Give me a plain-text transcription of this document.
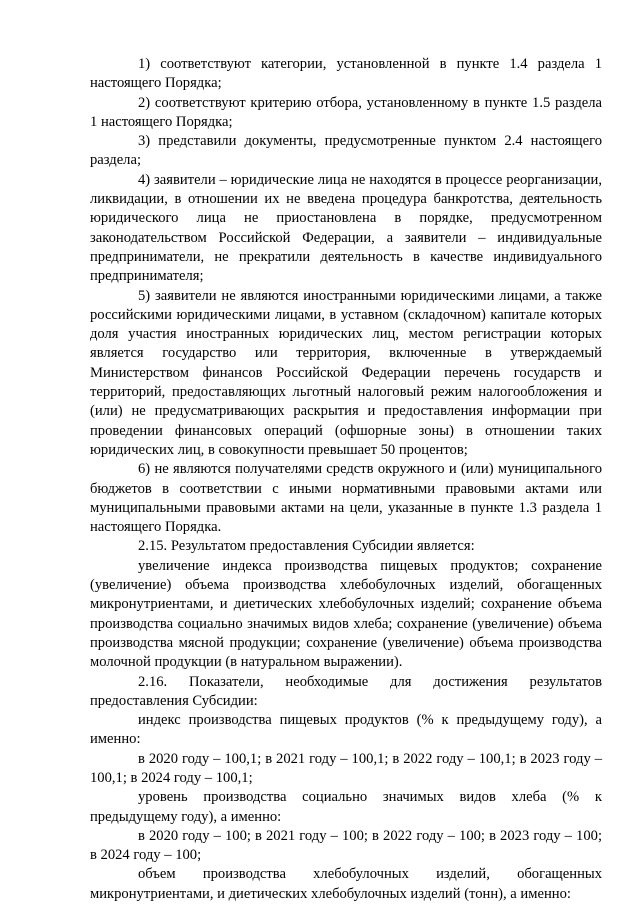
1) соответствуют категории, установленной в пункте 1.4 раздела 1 настоящего Порядка;

2) соответствуют критерию отбора, установленному в пункте 1.5 раздела 1 настоящего Порядка;

3) представили документы, предусмотренные пунктом 2.4 настоящего раздела;

4) заявители – юридические лица не находятся в процессе реорганизации, ликвидации, в отношении их не введена процедура банкротства, деятельность юридического лица не приостановлена в порядке, предусмотренном законодательством Российской Федерации, а заявители – индивидуальные предприниматели, не прекратили деятельность в качестве индивидуального предпринимателя;

5) заявители не являются иностранными юридическими лицами, а также российскими юридическими лицами, в уставном (складочном) капитале которых доля участия иностранных юридических лиц, местом регистрации которых является государство или территория, включенные в утверждаемый Министерством финансов Российской Федерации перечень государств и территорий, предоставляющих льготный налоговый режим налогообложения и (или) не предусматривающих раскрытия и предоставления информации при проведении финансовых операций (офшорные зоны) в отношении таких юридических лиц, в совокупности превышает 50 процентов;

6) не являются получателями средств окружного и (или) муниципального бюджетов в соответствии с иными нормативными правовыми актами или муниципальными правовыми актами на цели, указанные в пункте 1.3 раздела 1 настоящего Порядка.

2.15. Результатом предоставления Субсидии является:

увеличение индекса производства пищевых продуктов; сохранение (увеличение) объема производства хлебобулочных изделий, обогащенных микронутриентами, и диетических хлебобулочных изделий; сохранение объема производства социально значимых видов хлеба; сохранение (увеличение) объема производства мясной продукции; сохранение (увеличение) объема производства молочной продукции (в натуральном выражении).

2.16. Показатели, необходимые для достижения результатов предоставления Субсидии:

индекс производства пищевых продуктов (% к предыдущему году), а именно:

в 2020 году – 100,1; в 2021 году – 100,1; в 2022 году – 100,1; в 2023 году – 100,1; в 2024 году – 100,1;

уровень производства социально значимых видов хлеба (% к предыдущему году), а именно:

в 2020 году – 100; в 2021 году – 100; в 2022 году – 100; в 2023 году – 100; в 2024 году – 100;

объем производства хлебобулочных изделий, обогащенных микронутриентами, и диетических хлебобулочных изделий (тонн), а именно:
